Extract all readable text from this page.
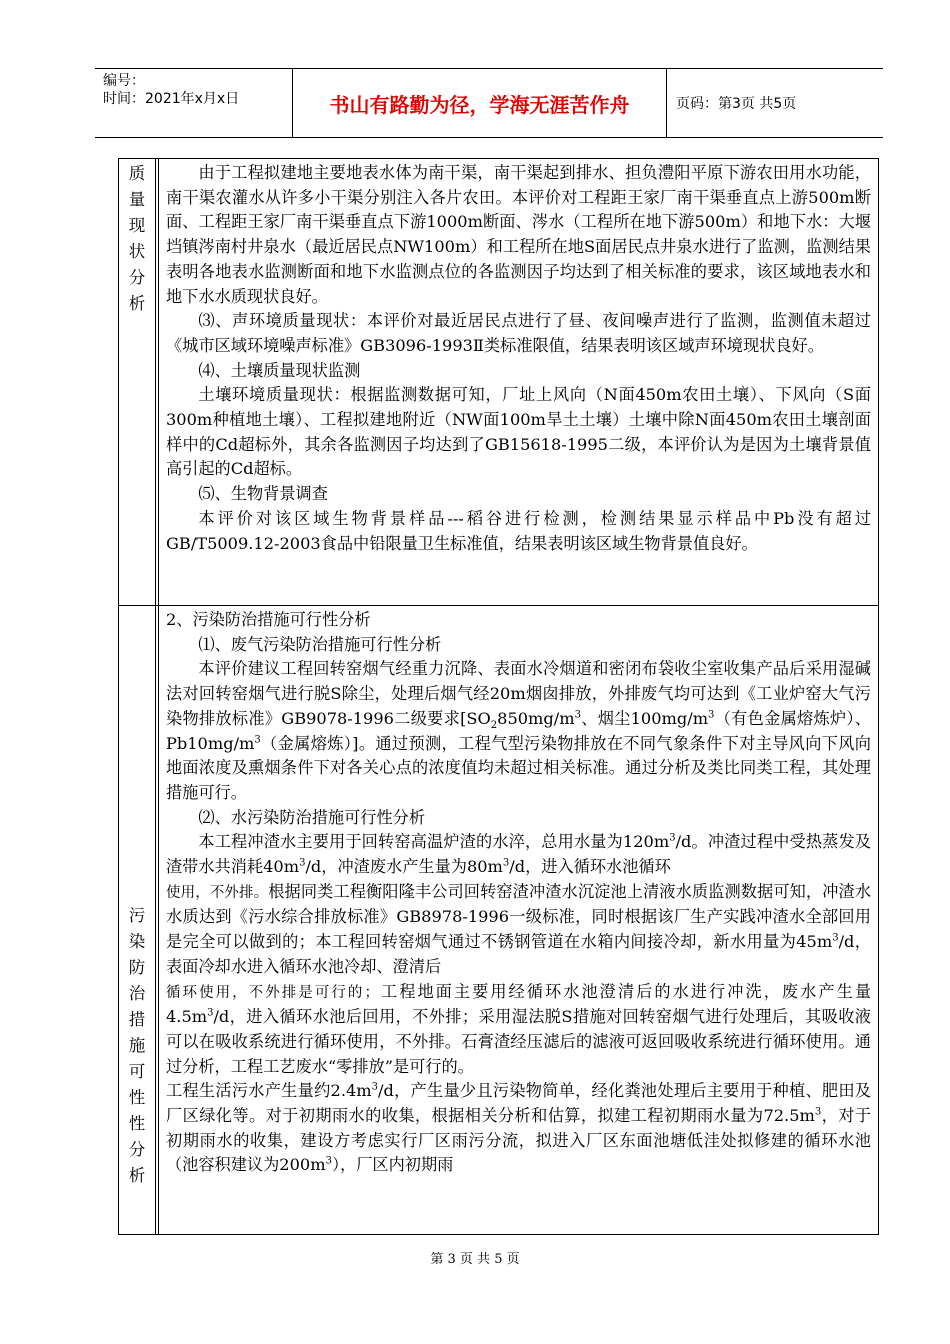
编号：
时间：2021年x月x日	书山有路勤为径，学海无涯苦作舟	页码：第3页 共5页
质
量
现
状
分
析

由于工程拟建地主要地表水体为南干渠，南干渠起到排水、担负澧阳平原下游农田用水功能，南干渠农灌水从许多小干渠分别注入各片农田。本评价对工程距王家厂南干渠垂直点上游500m断面、工程距王家厂南干渠垂直点下游1000m断面、涔水（工程所在地下游500m）和地下水：大堰垱镇涔南村井泉水（最近居民点NW100m）和工程所在地S面居民点井泉水进行了监测，监测结果表明各地表水监测断面和地下水监测点位的各监测因子均达到了相关标准的要求，该区域地表水和地下水水质现状良好。

⑶、声环境质量现状：本评价对最近居民点进行了昼、夜间噪声进行了监测，监测值未超过《城市区域环境噪声标准》GB3096-1993Ⅱ类标准限值，结果表明该区域声环境现状良好。

⑷、土壤质量现状监测

土壤环境质量现状：根据监测数据可知，厂址上风向（N面450m农田土壤）、下风向（S面300m种植地土壤）、工程拟建地附近（NW面100m旱土土壤）土壤中除N面450m农田土壤剖面样中的Cd超标外，其余各监测因子均达到了GB15618-1995二级，本评价认为是因为土壤背景值高引起的Cd超标。

⑸、生物背景调查

本评价对该区域生物背景样品---稻谷进行检测，检测结果显示样品中Pb没有超过GB/T5009.12-2003食品中铅限量卫生标准值，结果表明该区域生物背景值良好。

污
染
防
治
措
施
可
性
性
分
析

2、污染防治措施可行性分析

⑴、废气污染防治措施可行性分析

本评价建议工程回转窑烟气经重力沉降、表面水冷烟道和密闭布袋收尘室收集产品后采用湿碱法对回转窑烟气进行脱S除尘，处理后烟气经20m烟囱排放，外排废气均可达到《工业炉窑大气污染物排放标准》GB9078-1996二级要求[$SO_2850mg/m^3$、烟尘$100mg/m^3$（有色金属熔炼炉）、$Pb10mg/m^3$（金属熔炼）]。通过预测，工程气型污染物排放在不同气象条件下对主导风向下风向地面浓度及熏烟条件下对各关心点的浓度值均未超过相关标准。通过分析及类比同类工程，其处理措施可行。

⑵、水污染防治措施可行性分析

本工程冲渣水主要用于回转窑高温炉渣的水淬，总用水量为$120m^3/d$。冲渣过程中受热蒸发及渣带水共消耗$40m^3/d$，冲渣废水产生量为$80m^3/d$，进入循环水池循环
使用，不外排。根据同类工程衡阳隆丰公司回转窑渣冲渣水沉淀池上清液水质监测数据可知，冲渣水水质达到《污水综合排放标准》GB8978-1996一级标准，同时根据该厂生产实践冲渣水全部回用是完全可以做到的；本工程回转窑烟气通过不锈钢管道在水箱内间接冷却，新水用量为$45m^3/d$，表面冷却水进入循环水池冷却、澄清后
循环使用，不外排是可行的；工程地面主要用经循环水池澄清后的水进行冲洗，废水产生量$4.5m^3/d$，进入循环水池后回用，不外排；采用湿法脱S措施对回转窑烟气进行处理后，其吸收液可以在吸收系统进行循环使用，不外排。石膏渣经压滤后的滤液可返回吸收系统进行循环使用。通过分析，工程工艺废水“零排放”是可行的。
工程生活污水产生量约$2.4m^3/d$，产生量少且污染物简单，经化粪池处理后主要用于种植、肥田及厂区绿化等。对于初期雨水的收集，根据相关分析和估算，拟建工程初期雨水量为$72.5m^3$，对于初期雨水的收集，建设方考虑实行厂区雨污分流，拟进入厂区东面池塘低洼处拟修建的循环水池（池容积建议为$200m^3$），厂区内初期雨

第 3 页 共 5 页
